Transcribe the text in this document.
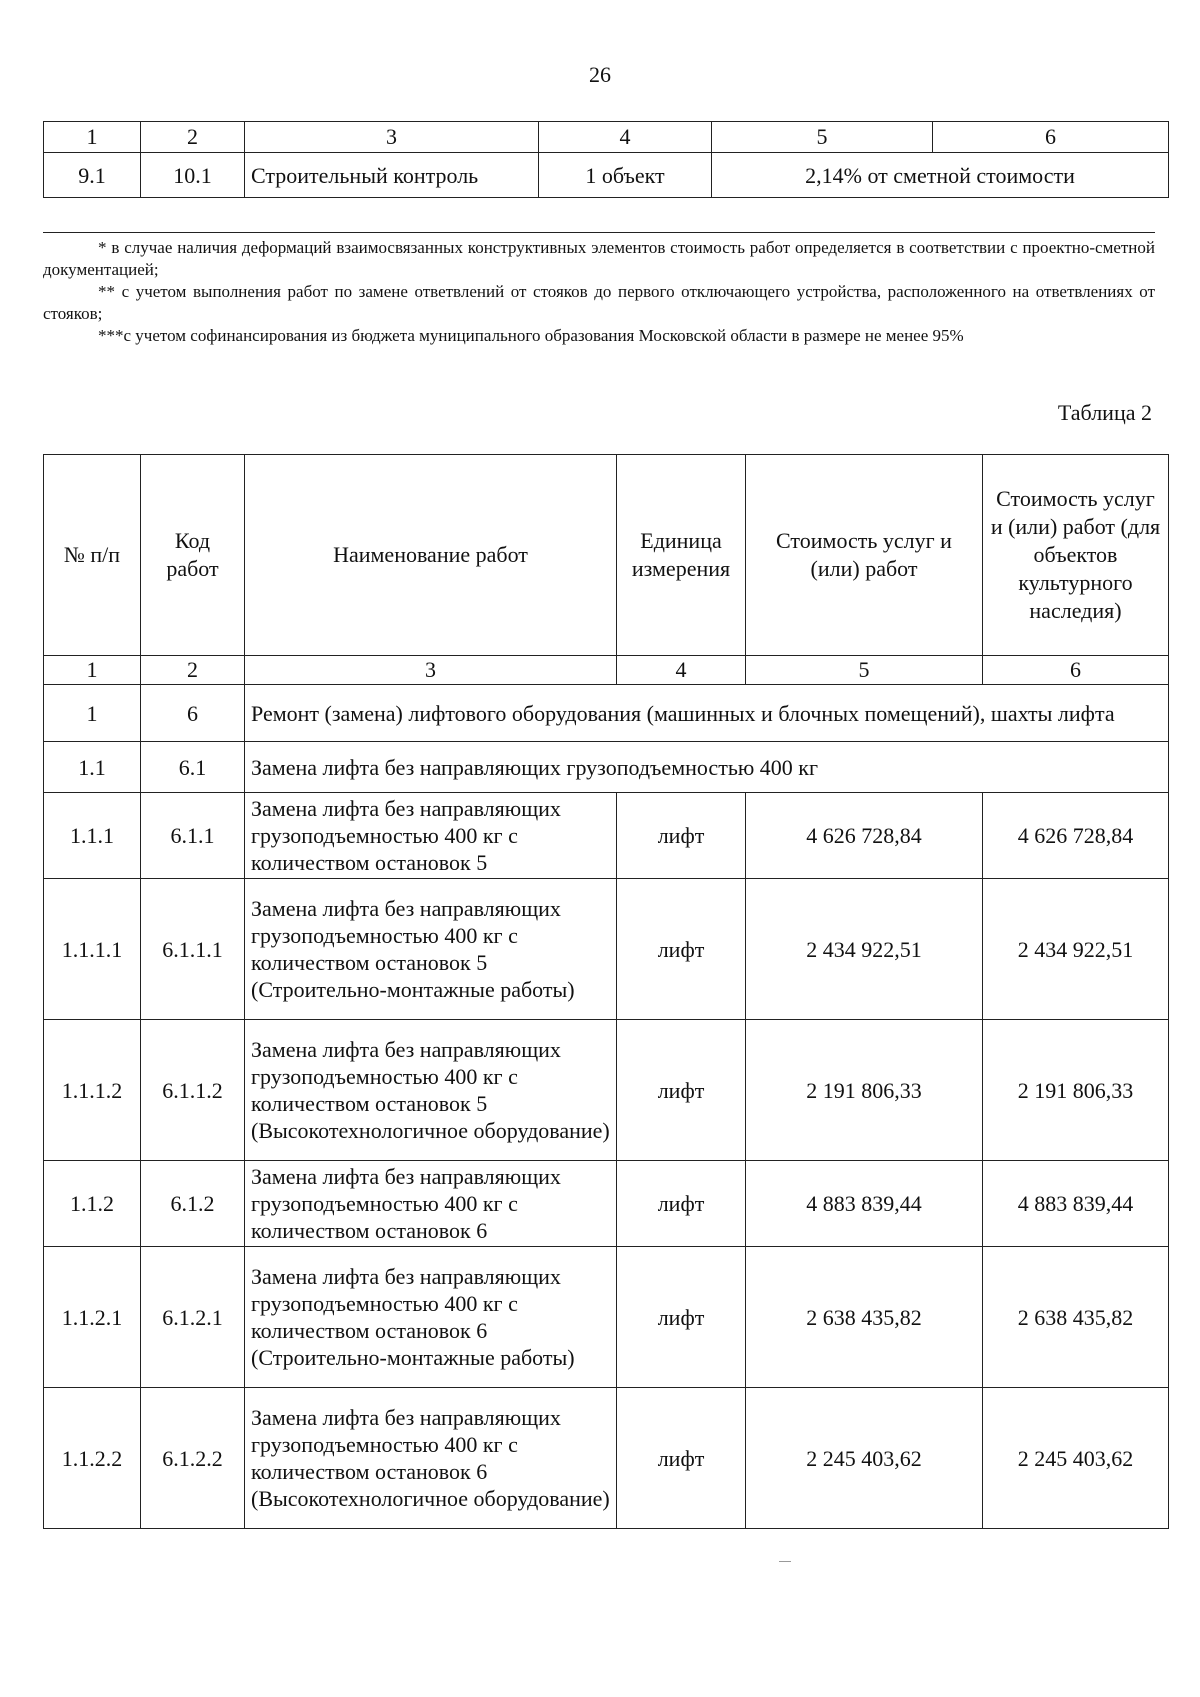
26
1	2	3	4	5	6
9.1	10.1	Строительный контроль	1 объект	2,14% от сметной стоимости	

* в случае наличия деформаций взаимосвязанных конструктивных элементов стоимость работ определяется в соответствии с проектно-сметной документацией;

** с учетом выполнения работ по замене ответвлений от стояков до первого отключающего устройства, расположенного на ответвлениях от стояков;

***с учетом софинансирования из бюджета муниципального образования Московской области в размере не менее 95%

Таблица 2
№ п/п	Код работ	Наименование работ	Единица измерения	Стоимость услуг и (или) работ	Стоимость услуг и (или) работ (для объектов культурного наследия)
1	2	3	4	5	6
1	6	Ремонт (замена) лифтового оборудования (машинных и блочных помещений), шахты лифта			
1.1	6.1	Замена лифта без направляющих грузоподъемностью 400 кг			
1.1.1	6.1.1	Замена лифта без направляющих грузоподъемностью 400 кг с количеством остановок 5	лифт	4 626 728,84	4 626 728,84
1.1.1.1	6.1.1.1	Замена лифта без направляющих грузоподъемностью 400 кг с количеством остановок 5 (Строительно-монтажные работы)	лифт	2 434 922,51	2 434 922,51
1.1.1.2	6.1.1.2	Замена лифта без направляющих грузоподъемностью 400 кг с количеством остановок 5 (Высокотехнологичное оборудование)	лифт	2 191 806,33	2 191 806,33
1.1.2	6.1.2	Замена лифта без направляющих грузоподъемностью 400 кг с количеством остановок 6	лифт	4 883 839,44	4 883 839,44
1.1.2.1	6.1.2.1	Замена лифта без направляющих грузоподъемностью 400 кг с количеством остановок 6 (Строительно-монтажные работы)	лифт	2 638 435,82	2 638 435,82
1.1.2.2	6.1.2.2	Замена лифта без направляющих грузоподъемностью 400 кг с количеством остановок 6 (Высокотехнологичное оборудование)	лифт	2 245 403,62	2 245 403,62
